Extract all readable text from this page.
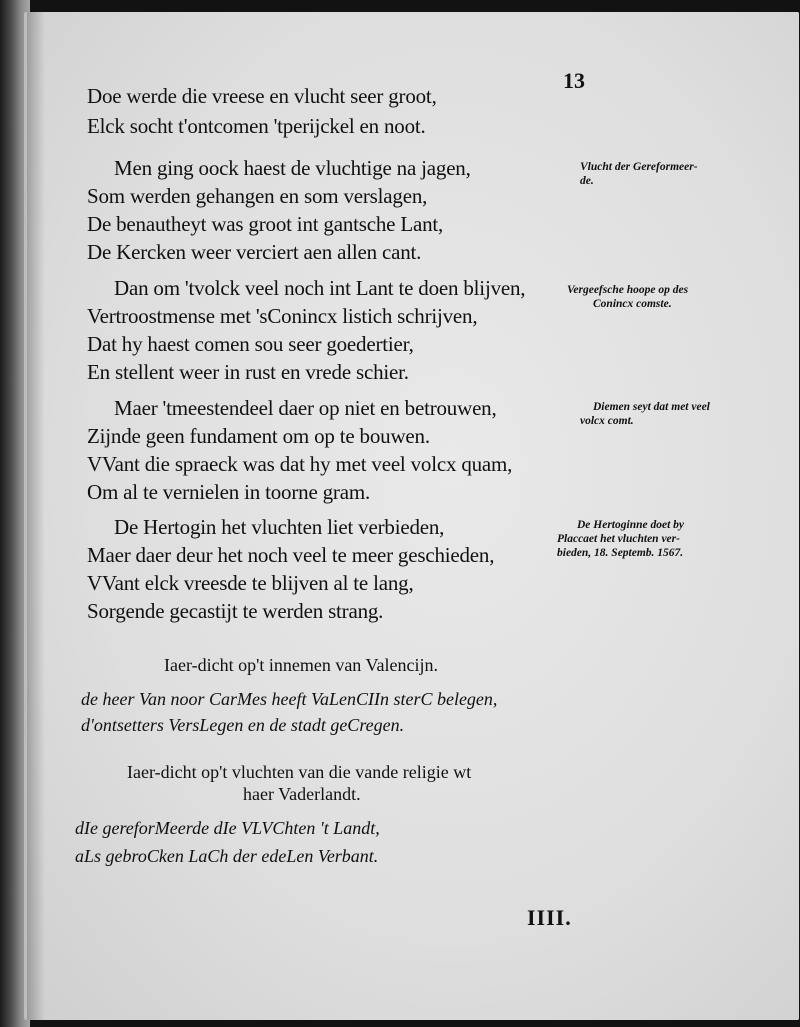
13
Doe werde die vreese en vlucht seer groot,
Elck socht t'ontcomen 'tperijckel en noot.
Men ging oock haest de vluchtige na jagen,
Som werden gehangen en som verslagen,
De benautheyt was groot int gantsche Lant,
De Kercken weer verciert aen allen cant.
Dan om 'tvolck veel noch int Lant te doen blijven,
Vertroostmense met 'sConincx listich schrijven,
Dat hy haest comen sou seer goedertier,
En stellent weer in rust en vrede schier.
Maer 'tmeestendeel daer op niet en betrouwen,
Zijnde geen fundament om op te bouwen.
VVant die spraeck was dat hy met veel volcx quam,
Om al te vernielen in toorne gram.
De Hertogin het vluchten liet verbieden,
Maer daer deur het noch veel te meer geschieden,
VVant elck vreesde te blijven al te lang,
Sorgende gecastijt te werden strang.
Vlucht der Gereformeer-
de.
Vergeefsche hoope op des
Conincx comste.
Diemen seyt dat met veel
volcx comt.
De Hertoginne doet by
Placcaet het vluchten ver-
bieden, 18. Septemb. 1567.
Iaer-dicht op't innemen van Valencijn.
de heer Van noor CarMes heeft VaLenCIIn sterC belegen,
d'ontsetters VersLegen en de stadt geCregen.
Iaer-dicht op't vluchten van die vande religie wt
haer Vaderlandt.
dIe gereforMeerde dIe VLVChten 't Landt,
aLs gebroCken LaCh der edeLen Verbant.
IIII.
